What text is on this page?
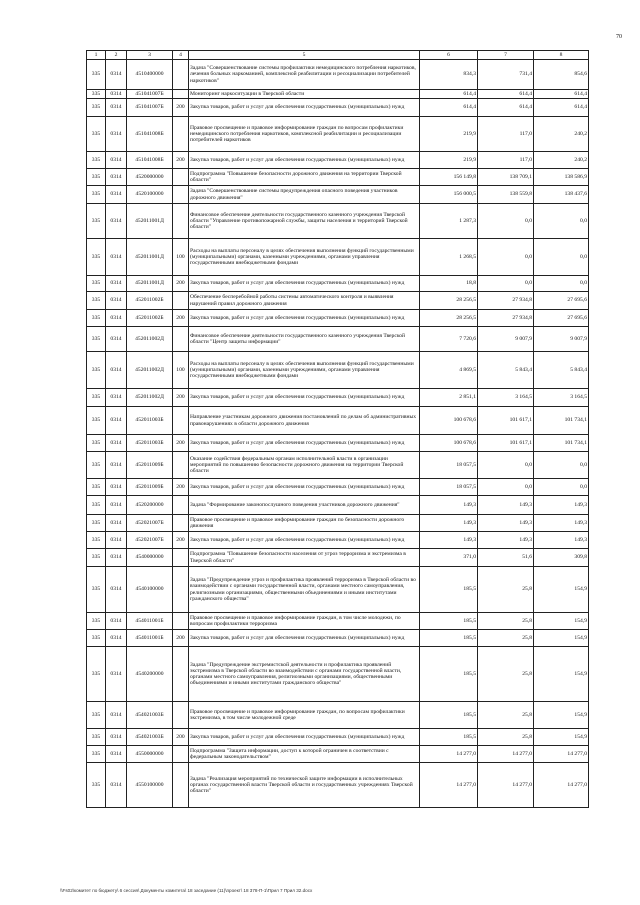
70
1	2	3	4	5	6	7	8
335	0314	4510400000		Задача "Совершенствование системы профилактики немедицинского потребления наркотиков, лечения больных наркоманией, комплексной реабилитации и ресоциализации потребителей наркотиков"	834,3	731,4	854,6
335	0314	451041007Б		Мониторинг наркоситуации в Тверской области	614,4	614,4	614,4
335	0314	451041007Б	200	Закупка товаров, работ и услуг для обеспечения государственных (муниципальных) нужд	614,4	614,4	614,4
335	0314	451041008Б		Правовое просвещение и правовое информирование граждан по вопросам профилактики немедицинского потребления наркотиков, комплексной реабилитации и ресоциализации потребителей наркотиков	219,9	117,0	240,2
335	0314	451041008Б	200	Закупка товаров, работ и услуг для обеспечения государственных (муниципальных) нужд	219,9	117,0	240,2
335	0314	4520000000		Подпрограмма "Повышение безопасности дорожного движения на территории Тверской области"	156 149,8	138 709,1	138 586,9
335	0314	4520100000		Задача "Совершенствование системы предупреждения опасного поведения участников дорожного движения"	156 000,5	138 559,8	138 437,6
335	0314	452011001Д		Финансовое обеспечение деятельности государственного казенного учреждения Тверской области "Управление противопожарной службы, защиты населения и территорий Тверской области"	1 287,3	0,0	0,0
335	0314	452011001Д	100	Расходы на выплаты персоналу в целях обеспечения выполнения функций государственными (муниципальными) органами, казенными учреждениями, органами управления государственными внебюджетными фондами	1 268,5	0,0	0,0
335	0314	452011001Д	200	Закупка товаров, работ и услуг для обеспечения государственных (муниципальных) нужд	18,8	0,0	0,0
335	0314	452011002Б		Обеспечение бесперебойной работы системы автоматического контроля и выявления нарушений правил дорожного движения	28 256,5	27 934,8	27 695,6
335	0314	452011002Б	200	Закупка товаров, работ и услуг для обеспечения государственных (муниципальных) нужд	28 256,5	27 934,8	27 695,6
335	0314	452011002Д		Финансовое обеспечение деятельности государственного казенного учреждения Тверской области "Центр защиты информации"	7 720,6	9 007,9	9 007,9
335	0314	452011002Д	100	Расходы на выплаты персоналу в целях обеспечения выполнения функций государственными (муниципальными) органами, казенными учреждениями, органами управления государственными внебюджетными фондами	4 869,5	5 843,4	5 843,4
335	0314	452011002Д	200	Закупка товаров, работ и услуг для обеспечения государственных (муниципальных) нужд	2 851,1	3 164,5	3 164,5
335	0314	452011003Б		Направление участникам дорожного движения постановлений по делам об административных правонарушениях в области дорожного движения	100 678,6	101 617,1	101 734,1
335	0314	452011003Б	200	Закупка товаров, работ и услуг для обеспечения государственных (муниципальных) нужд	100 678,6	101 617,1	101 734,1
335	0314	452011009Б		Оказание содействия федеральным органам исполнительной власти в организации мероприятий по повышению безопасности дорожного движения на территории Тверской области	18 057,5	0,0	0,0
335	0314	452011009Б	200	Закупка товаров, работ и услуг для обеспечения государственных (муниципальных) нужд	18 057,5	0,0	0,0
335	0314	4520200000		Задача "Формирование законопослушного поведения участников дорожного движения"	149,3	149,3	149,3
335	0314	452021007Б		Правовое просвещение и правовое информирование граждан по безопасности дорожного движения	149,3	149,3	149,3
335	0314	452021007Б	200	Закупка товаров, работ и услуг для обеспечения государственных (муниципальных) нужд	149,3	149,3	149,3
335	0314	4540000000		Подпрограмма "Повышение безопасности населения от угроз терроризма и экстремизма в Тверской области"	371,0	51,6	309,8
335	0314	4540100000		Задача "Предупреждение угроз и профилактика проявлений терроризма в Тверской области во взаимодействии с органами государственной власти, органами местного самоуправления, религиозными организациями, общественными объединениями и иными институтами гражданского общества"	185,5	25,8	154,9
335	0314	454011001Б		Правовое просвещение и правовое информирование граждан, в том числе молодежи, по вопросам профилактики терроризма	185,5	25,8	154,9
335	0314	454011001Б	200	Закупка товаров, работ и услуг для обеспечения государственных (муниципальных) нужд	185,5	25,8	154,9
335	0314	4540200000		Задача "Предупреждение экстремистской деятельности и профилактика проявлений экстремизма в Тверской области во взаимодействии с органами государственной власти, органами местного самоуправления, религиозными организациями, общественными объединениями и иными институтами гражданского общества"	185,5	25,8	154,9
335	0314	454021003Б		Правовое просвещение и правовое информирование граждан, по вопросам профилактики экстремизма, в том числе молодежной среде	185,5	25,8	154,9
335	0314	454021003Б	200	Закупка товаров, работ и услуг для обеспечения государственных (муниципальных) нужд	185,5	25,8	154,9
335	0314	4550000000		Подпрограмма "Защита информации, доступ к которой ограничен в соответствии с федеральным законодательством"	14 277,0	14 277,0	14 277,0
335	0314	4550100000		Задача "Реализация мероприятий по технической защите информации в исполнительных органах государственной власти Тверской области и государственных учреждениях Тверской области"	14 277,0	14 277,0	14 277,0
\\Fs02\комитет по бюджету\ 6 сессия\ Документы комитета\ 18 заседание (11)\проект\ 18 378-П-1\Прил 7 Прил 32.docx
